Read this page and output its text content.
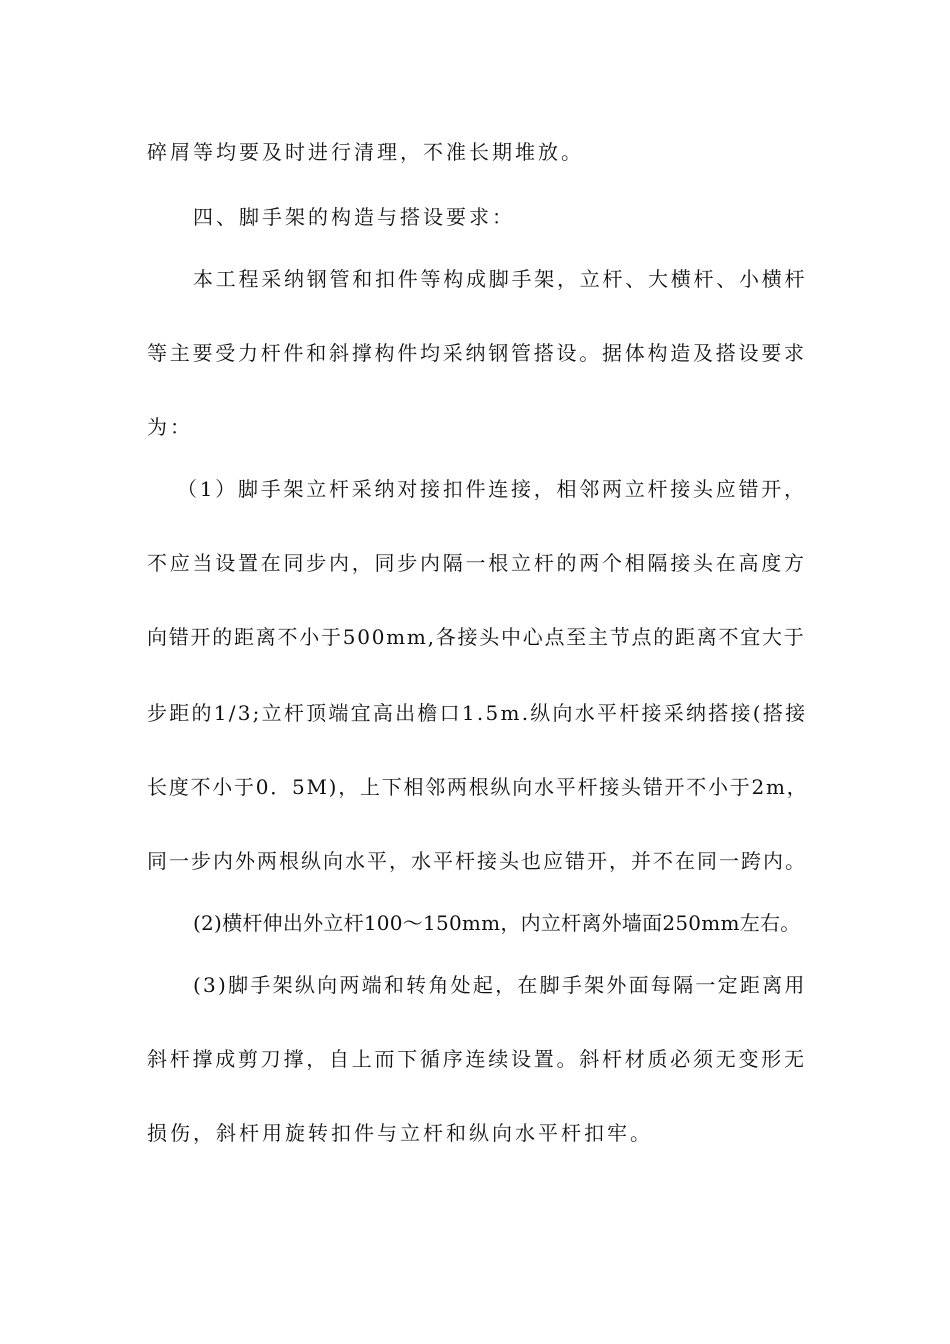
碎屑等均要及时进行清理，不准长期堆放。
四、脚手架的构造与搭设要求：
本工程采纳钢管和扣件等构成脚手架，立杆、大横杆、小横杆
等主要受力杆件和斜撑构件均采纳钢管搭设。据体构造及搭设要求
为：
（1）脚手架立杆采纳对接扣件连接，相邻两立杆接头应错开，
不应当设置在同步内，同步内隔一根立杆的两个相隔接头在高度方
向错开的距离不小于500mm,各接头中心点至主节点的距离不宜大于
步距的1/3;立杆顶端宜高出檐口1.5m.纵向水平杆接采纳搭接(搭接
长度不小于0．5M)，上下相邻两根纵向水平杆接头错开不小于2m，
同一步内外两根纵向水平，水平杆接头也应错开，并不在同一跨内。
(2)横杆伸出外立杆100～150mm，内立杆离外墙面250mm左右。
(3)脚手架纵向两端和转角处起，在脚手架外面每隔一定距离用
斜杆撑成剪刀撑，自上而下循序连续设置。斜杆材质必须无变形无
损伤，斜杆用旋转扣件与立杆和纵向水平杆扣牢。
